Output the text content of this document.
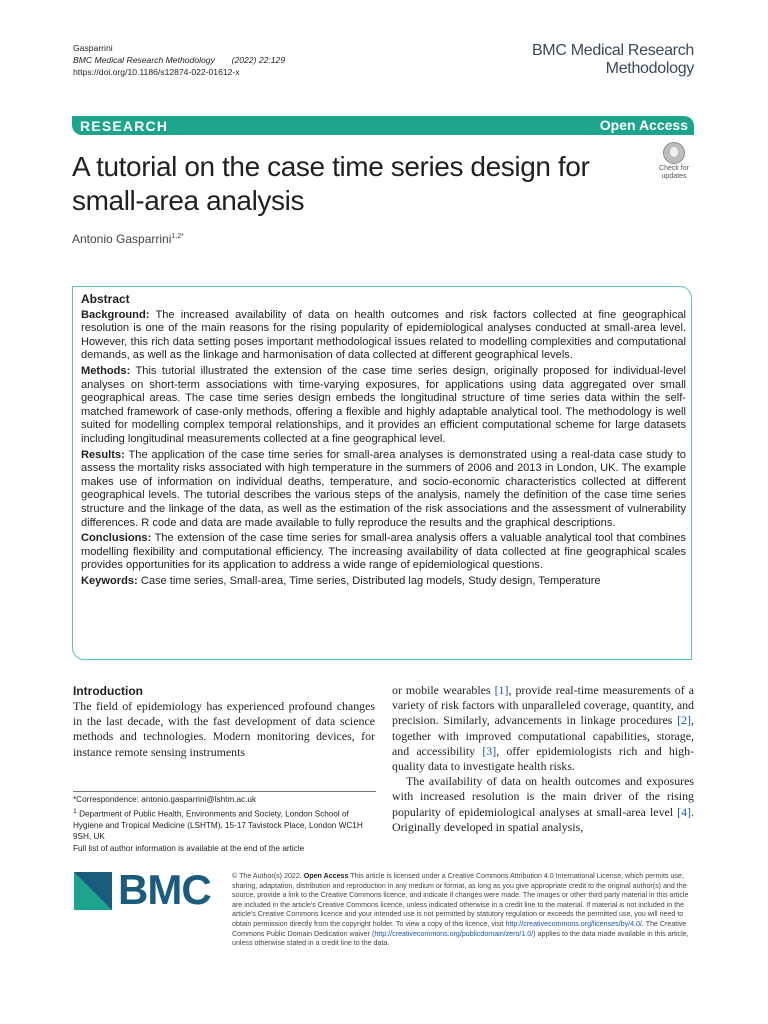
Gasparrini
BMC Medical Research Methodology (2022) 22:129
https://doi.org/10.1186/s12874-022-01612-x
BMC Medical Research
Methodology
RESEARCH	Open Access
A tutorial on the case time series design for small-area analysis
Check for
updates
Antonio Gasparrini$^{1,2*}$
Abstract

Background: The increased availability of data on health outcomes and risk factors collected at fine geographical resolution is one of the main reasons for the rising popularity of epidemiological analyses conducted at small-area level. However, this rich data setting poses important methodological issues related to modelling complexities and computational demands, as well as the linkage and harmonisation of data collected at different geographical levels.

Methods: This tutorial illustrated the extension of the case time series design, originally proposed for individual-level analyses on short-term associations with time-varying exposures, for applications using data aggregated over small geographical areas. The case time series design embeds the longitudinal structure of time series data within the self-matched framework of case-only methods, offering a flexible and highly adaptable analytical tool. The methodology is well suited for modelling complex temporal relationships, and it provides an efficient computational scheme for large datasets including longitudinal measurements collected at a fine geographical level.

Results: The application of the case time series for small-area analyses is demonstrated using a real-data case study to assess the mortality risks associated with high temperature in the summers of 2006 and 2013 in London, UK. The example makes use of information on individual deaths, temperature, and socio-economic characteristics collected at different geographical levels. The tutorial describes the various steps of the analysis, namely the definition of the case time series structure and the linkage of the data, as well as the estimation of the risk associations and the assessment of vulnerability differences. R code and data are made available to fully reproduce the results and the graphical descriptions.

Conclusions: The extension of the case time series for small-area analysis offers a valuable analytical tool that combines modelling flexibility and computational efficiency. The increasing availability of data collected at fine geographical scales provides opportunities for its application to address a wide range of epidemiological questions.

Keywords: Case time series, Small-area, Time series, Distributed lag models, Study design, Temperature

Introduction
The field of epidemiology has experienced profound changes in the last decade, with the fast development of data science methods and technologies. Modern monitoring devices, for instance remote sensing instruments

or mobile wearables [1], provide real-time measurements of a variety of risk factors with unparalleled coverage, quantity, and precision. Similarly, advancements in linkage procedures [2], together with improved computational capabilities, storage, and accessibility [3], offer epidemiologists rich and high-quality data to investigate health risks.

The availability of data on health outcomes and exposures with increased resolution is the main driver of the rising popularity of epidemiological analyses at small-area level [4]. Originally developed in spatial analysis,

*Correspondence: antonio.gasparrini@lshtm.ac.uk
$^1$ Department of Public Health, Environments and Society, London School of Hygiene and Tropical Medicine (LSHTM), 15-17 Tavistock Place, London WC1H 9SH, UK
Full list of author information is available at the end of the article
BMC	© The Author(s) 2022. Open Access This article is licensed under a Creative Commons Attribution 4.0 International License, which permits use, sharing, adaptation, distribution and reproduction in any medium or format, as long as you give appropriate credit to the original author(s) and the source, provide a link to the Creative Commons licence, and indicate if changes were made. The images or other third party material in this article are included in the article's Creative Commons licence, unless indicated otherwise in a credit line to the material. If material is not included in the article's Creative Commons licence and your intended use is not permitted by statutory regulation or exceeds the permitted use, you will need to obtain permission directly from the copyright holder. To view a copy of this licence, visit http://creativecommons.org/licenses/by/4.0/. The Creative Commons Public Domain Dedication waiver (http://creativecommons.org/publicdomain/zero/1.0/) applies to the data made available in this article, unless otherwise stated in a credit line to the data.
